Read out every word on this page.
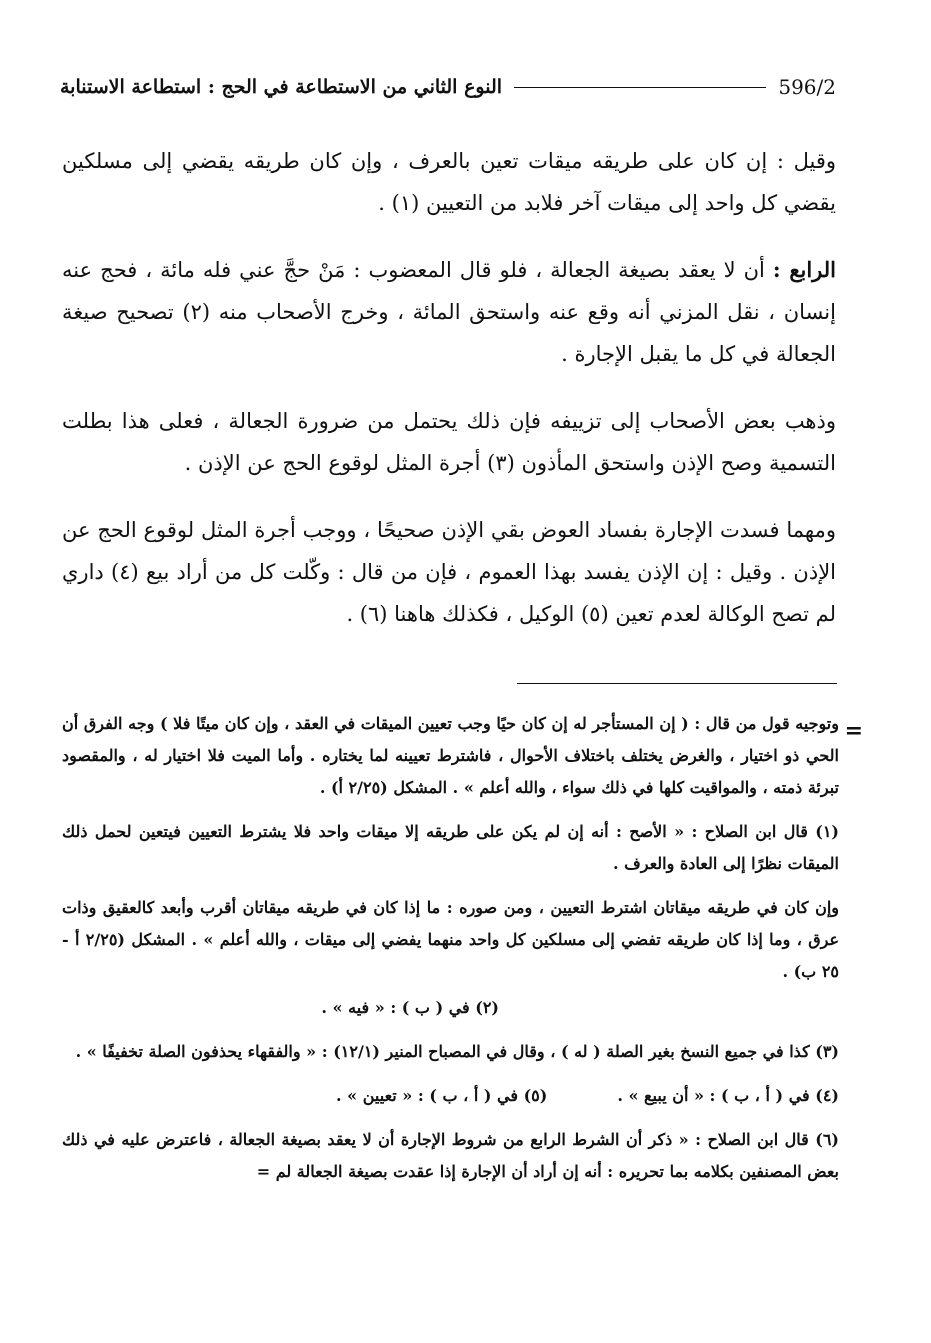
النوع الثاني من الاستطاعة في الحج : استطاعة الاستنابة	596/2

وقيل : إن كان على طريقه ميقات تعين بالعرف ، وإن كان طريقه يقضي إلى مسلكين يقضي كل واحد إلى ميقات آخر فلابد من التعيين (١) .

الرابع : أن لا يعقد بصيغة الجعالة ، فلو قال المعضوب : مَنْ حجَّ عني فله مائة ، فحج عنه إنسان ، نقل المزني أنه وقع عنه واستحق المائة ، وخرج الأصحاب منه (٢) تصحيح صيغة الجعالة في كل ما يقبل الإجارة .

وذهب بعض الأصحاب إلى تزييفه فإن ذلك يحتمل من ضرورة الجعالة ، فعلى هذا بطلت التسمية وصح الإذن واستحق المأذون (٣) أجرة المثل لوقوع الحج عن الإذن .

ومهما فسدت الإجارة بفساد العوض بقي الإذن صحيحًا ، ووجب أجرة المثل لوقوع الحج عن الإذن . وقيل : إن الإذن يفسد بهذا العموم ، فإن من قال : وكّلت كل من أراد بيع (٤) داري لم تصح الوكالة لعدم تعين (٥) الوكيل ، فكذلك هاهنا (٦) .

=

وتوجيه قول من قال : ( إن المستأجر له إن كان حيًا وجب تعيين الميقات في العقد ، وإن كان ميتًا فلا ) وجه الفرق أن الحي ذو اختيار ، والغرض يختلف باختلاف الأحوال ، فاشترط تعيينه لما يختاره . وأما الميت فلا اختيار له ، والمقصود تبرئة ذمته ، والمواقيت كلها في ذلك سواء ، والله أعلم » . المشكل (٢/٢٥ أ) .

(١) قال ابن الصلاح : « الأصح : أنه إن لم يكن على طريقه إلا ميقات واحد فلا يشترط التعيين فيتعين لحمل ذلك الميقات نظرًا إلى العادة والعرف .

وإن كان في طريقه ميقاتان اشترط التعيين ، ومن صوره : ما إذا كان في طريقه ميقاتان أقرب وأبعد كالعقيق وذات عرق ، وما إذا كان طريقه تفضي إلى مسلكين كل واحد منهما يفضي إلى ميقات ، والله أعلم » . المشكل (٢/٢٥ أ - ٢٥ ب) .

(٢) في ( ب ) : « فيه » .

(٣) كذا في جميع النسخ بغير الصلة ( له ) ، وقال في المصباح المنير (١٢/١) : « والفقهاء يحذفون الصلة تخفيفًا » .

(٤) في ( أ ، ب ) : « أن يبيع » .
(٥) في ( أ ، ب ) : « تعيين » .

(٦) قال ابن الصلاح : « ذكر أن الشرط الرابع من شروط الإجارة أن لا يعقد بصيغة الجعالة ، فاعترض عليه في ذلك بعض المصنفين بكلامه بما تحريره : أنه إن أراد أن الإجارة إذا عقدت بصيغة الجعالة لم =
